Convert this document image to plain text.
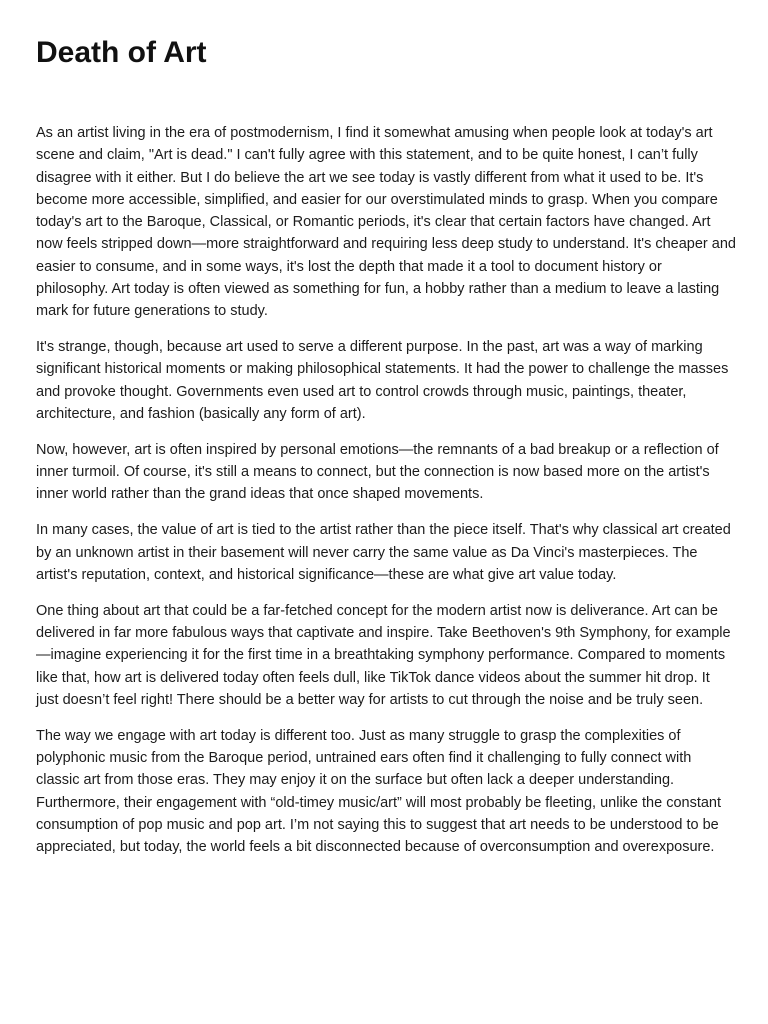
Death of Art

As an artist living in the era of postmodernism, I find it somewhat amusing when people look at today's art scene and claim, "Art is dead." I can't fully agree with this statement, and to be quite honest, I can’t fully disagree with it either. But I do believe the art we see today is vastly different from what it used to be. It's become more accessible, simplified, and easier for our overstimulated minds to grasp. When you compare today's art to the Baroque, Classical, or Romantic periods, it's clear that certain factors have changed. Art now feels stripped down—more straightforward and requiring less deep study to understand. It's cheaper and easier to consume, and in some ways, it's lost the depth that made it a tool to document history or philosophy. Art today is often viewed as something for fun, a hobby rather than a medium to leave a lasting mark for future generations to study.

It's strange, though, because art used to serve a different purpose. In the past, art was a way of marking significant historical moments or making philosophical statements. It had the power to challenge the masses and provoke thought. Governments even used art to control crowds through music, paintings, theater, architecture, and fashion (basically any form of art).

Now, however, art is often inspired by personal emotions—the remnants of a bad breakup or a reflection of inner turmoil. Of course, it's still a means to connect, but the connection is now based more on the artist's inner world rather than the grand ideas that once shaped movements.

In many cases, the value of art is tied to the artist rather than the piece itself. That's why classical art created by an unknown artist in their basement will never carry the same value as Da Vinci's masterpieces. The artist's reputation, context, and historical significance—these are what give art value today.

One thing about art that could be a far-fetched concept for the modern artist now is deliverance. Art can be delivered in far more fabulous ways that captivate and inspire. Take Beethoven's 9th Symphony, for example—imagine experiencing it for the first time in a breathtaking symphony performance. Compared to moments like that, how art is delivered today often feels dull, like TikTok dance videos about the summer hit drop. It just doesn’t feel right! There should be a better way for artists to cut through the noise and be truly seen.

The way we engage with art today is different too. Just as many struggle to grasp the complexities of polyphonic music from the Baroque period, untrained ears often find it challenging to fully connect with classic art from those eras. They may enjoy it on the surface but often lack a deeper understanding. Furthermore, their engagement with “old-timey music/art” will most probably be fleeting, unlike the constant consumption of pop music and pop art. I’m not saying this to suggest that art needs to be understood to be appreciated, but today, the world feels a bit disconnected because of overconsumption and overexposure.
